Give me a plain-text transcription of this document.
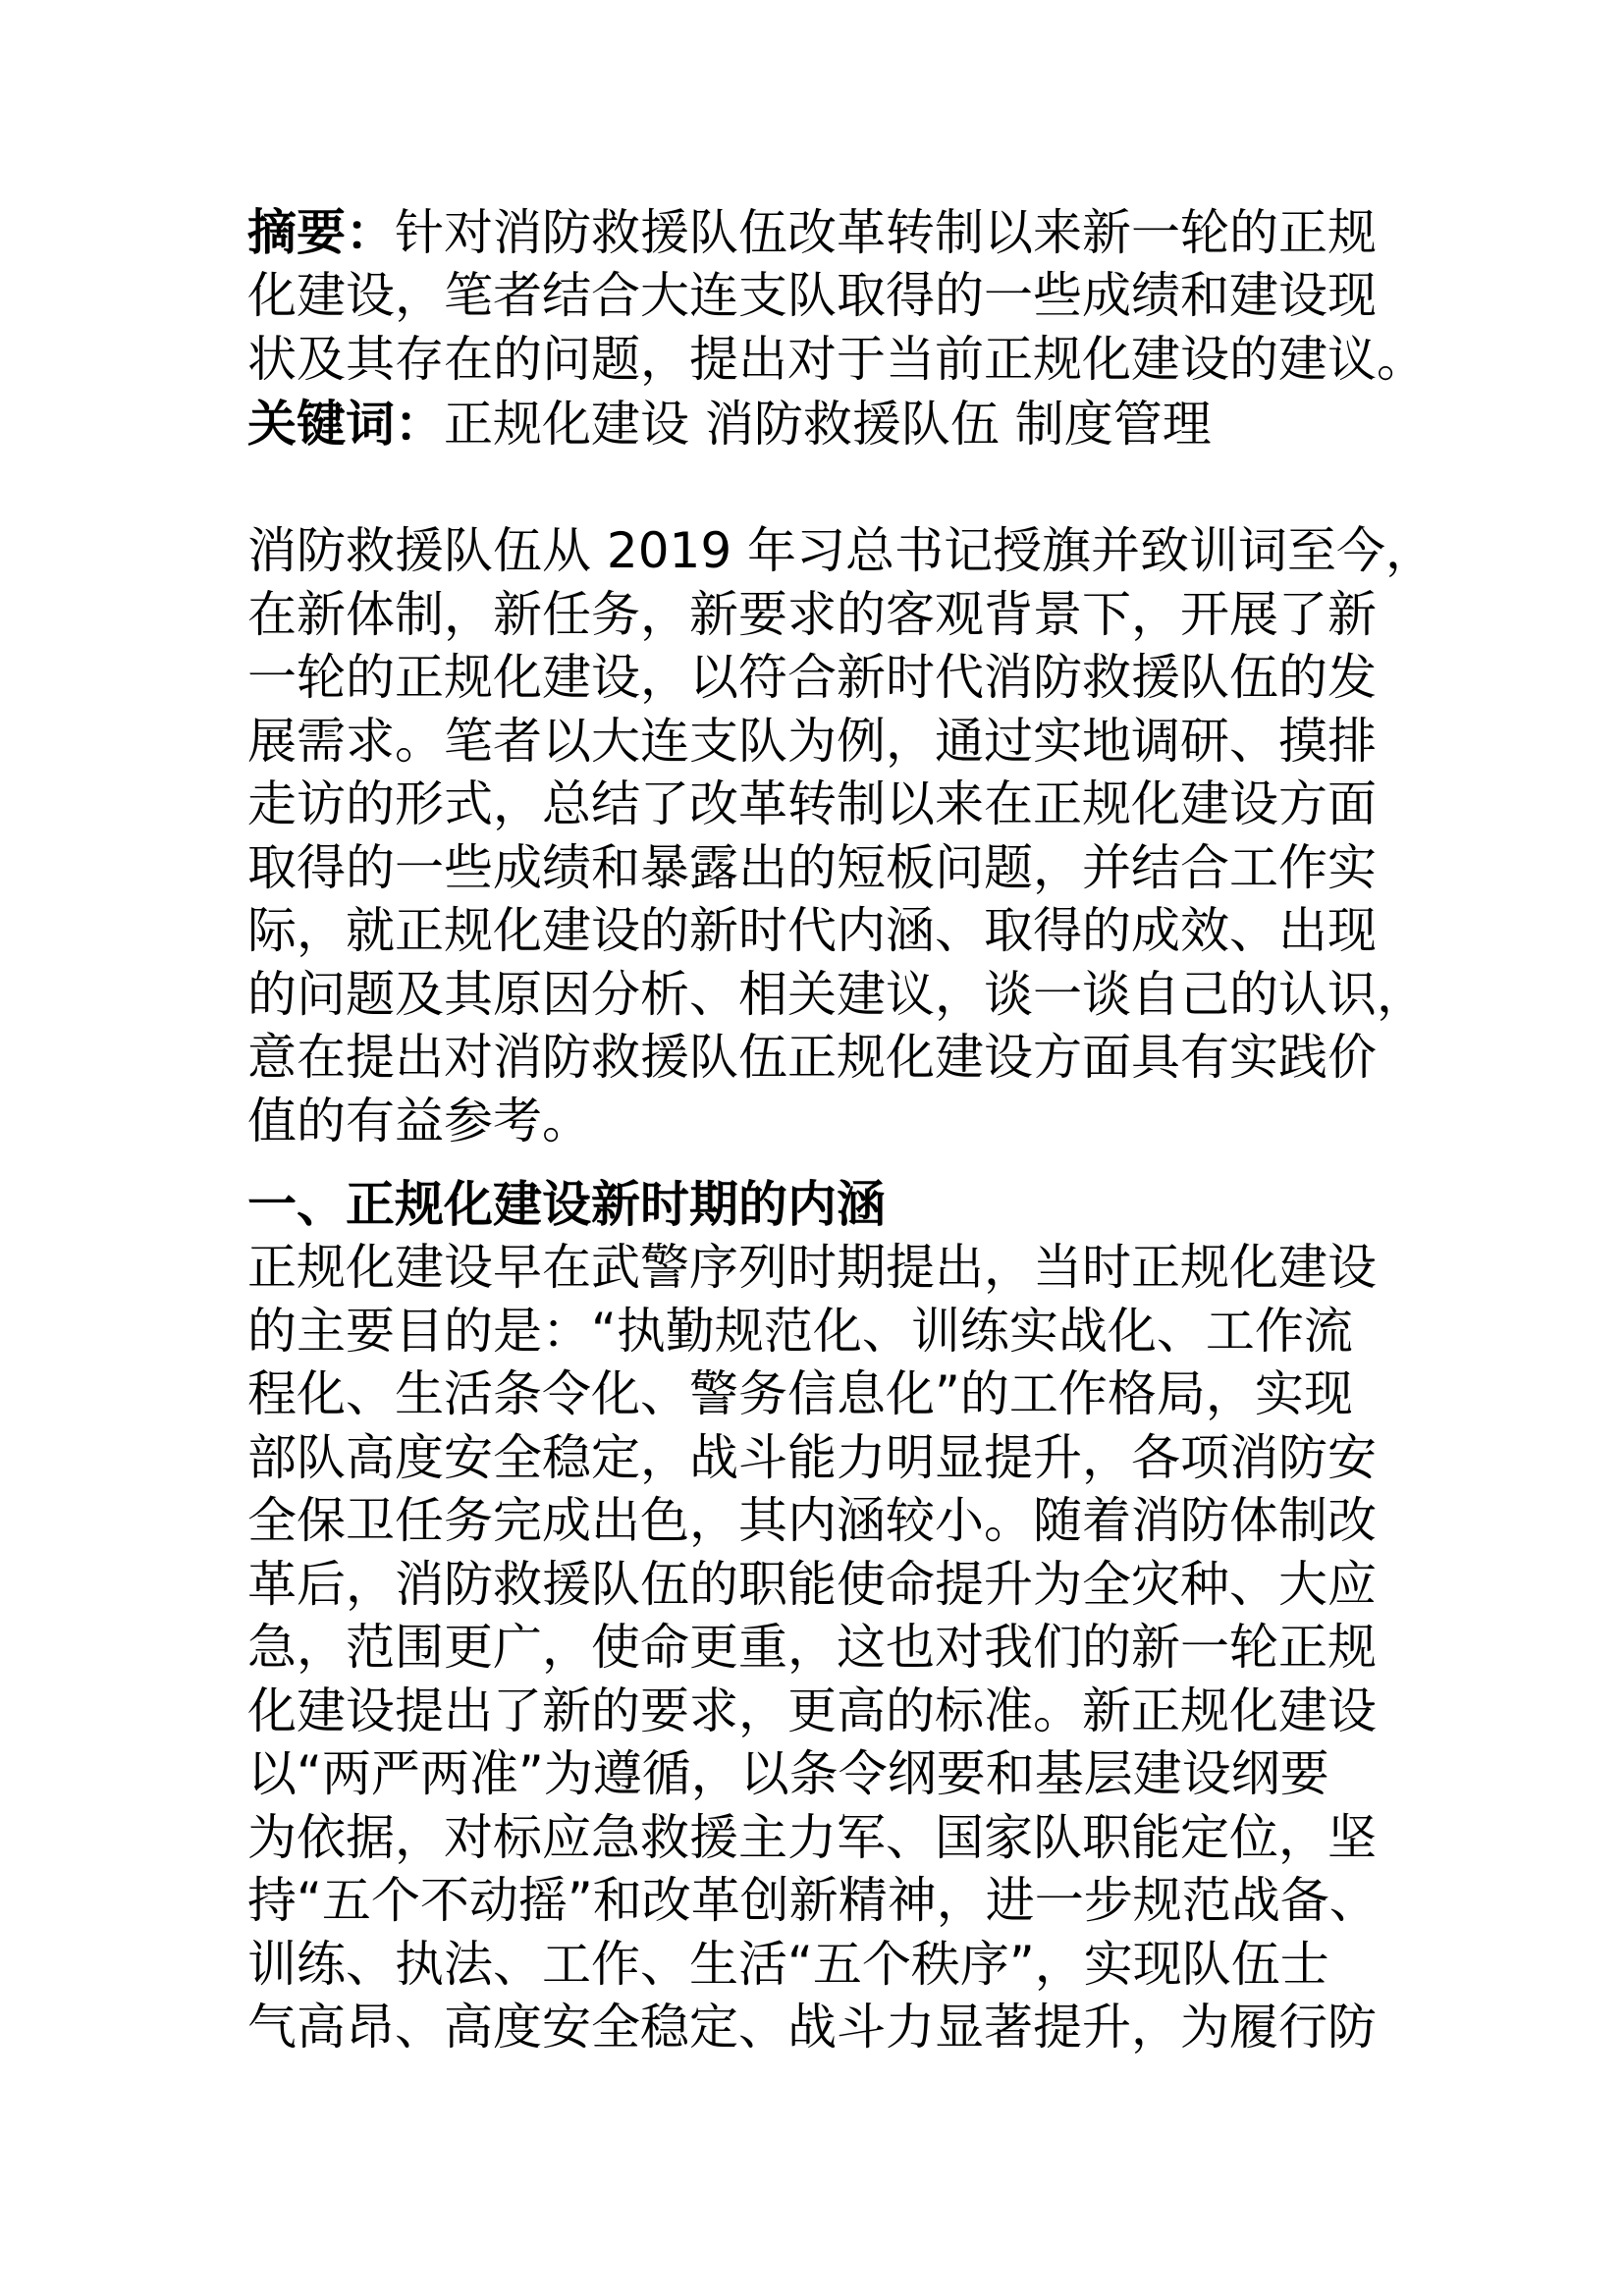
摘要：针对消防救援队伍改革转制以来新一轮的正规
化建设，笔者结合大连支队取得的一些成绩和建设现
状及其存在的问题，提出对于当前正规化建设的建议。
关键词：正规化建设 消防救援队伍 制度管理
消防救援队伍从 2019 年习总书记授旗并致训词至今，
在新体制，新任务，新要求的客观背景下，开展了新
一轮的正规化建设，以符合新时代消防救援队伍的发
展需求。笔者以大连支队为例，通过实地调研、摸排
走访的形式，总结了改革转制以来在正规化建设方面
取得的一些成绩和暴露出的短板问题，并结合工作实
际，就正规化建设的新时代内涵、取得的成效、出现
的问题及其原因分析、相关建议，谈一谈自己的认识，
意在提出对消防救援队伍正规化建设方面具有实践价
值的有益参考。
一、正规化建设新时期的内涵
正规化建设早在武警序列时期提出，当时正规化建设
的主要目的是：“执勤规范化、训练实战化、工作流
程化、生活条令化、警务信息化”的工作格局，实现
部队高度安全稳定，战斗能力明显提升，各项消防安
全保卫任务完成出色，其内涵较小。随着消防体制改
革后，消防救援队伍的职能使命提升为全灾种、大应
急，范围更广，使命更重，这也对我们的新一轮正规
化建设提出了新的要求，更高的标准。新正规化建设
以“两严两准”为遵循，以条令纲要和基层建设纲要
为依据，对标应急救援主力军、国家队职能定位，坚
持“五个不动摇”和改革创新精神，进一步规范战备、
训练、执法、工作、生活“五个秩序”，实现队伍士
气高昂、高度安全稳定、战斗力显著提升，为履行防
